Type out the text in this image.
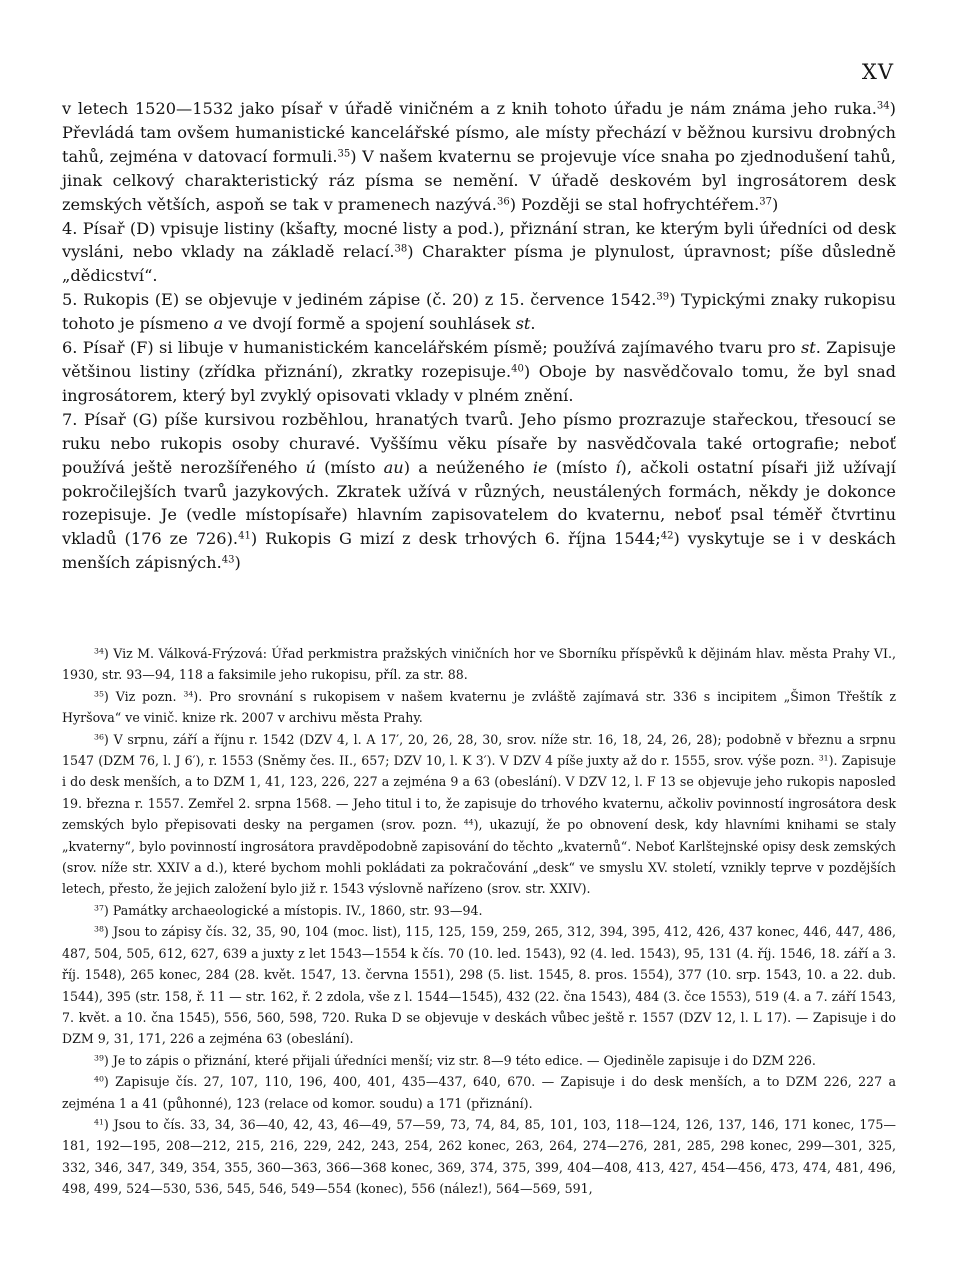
XV

v letech 1520—1532 jako písař v úřadě viničném a z knih tohoto úřadu je nám známa jeho ruka.$^{34}$) Převládá tam ovšem humanistické kancelářské písmo, ale místy přechází v běžnou kursivu drobných tahů, zejména v datovací formuli.$^{35}$) V našem kvaternu se projevuje více snaha po zjednodušení tahů, jinak celkový charakteristický ráz písma se nemění. V úřadě deskovém byl ingrosátorem desk zemských větších, aspoň se tak v pramenech nazývá.$^{36}$) Později se stal hofrychtéřem.$^{37}$)

4. Písař (D) vpisuje listiny (kšafty, mocné listy a pod.), přiznání stran, ke kterým byli úředníci od desk vysláni, nebo vklady na základě relací.$^{38}$) Charakter písma je plynulost, úpravnost; píše důsledně „dědicství“.

5. Rukopis (E) se objevuje v jediném zápise (č. 20) z 15. července 1542.39) Typickými znaky rukopisu tohoto je písmeno a ve dvojí formě a spojení souhlásek st.

6. Písař (F) si libuje v humanistickém kancelářském písmě; používá zajímavého tvaru pro st. Zapisuje většinou listiny (zřídka přiznání), zkratky rozepisuje.$^{40}$) Oboje by nasvědčovalo tomu, že byl snad ingrosátorem, který byl zvyklý opisovati vklady v plném znění.

7. Písař (G) píše kursivou rozběhlou, hranatých tvarů. Jeho písmo prozrazuje stařeckou, třesoucí se ruku nebo rukopis osoby churavé. Vyššímu věku písaře by nasvědčovala také ortografie; neboť používá ještě nerozšířeného ú (místo au) a neúženého ie (místo í), ačkoli ostatní písaři již užívají pokročilejších tvarů jazykových. Zkratek užívá v různých, neustálených formách, někdy je dokonce rozepisuje. Je (vedle místopísaře) hlavním zapisovatelem do kvaternu, neboť psal téměř čtvrtinu vkladů (176 ze 726).$^{41}$) Rukopis G mizí z desk trhových 6. října 1544;$^{42}$) vyskytuje se i v deskách menších zápisných.$^{43}$)

$^{34}$) Viz M. Válková-Frýzová: Úřad perkmistra pražských viničních hor ve Sborníku příspěvků k dějinám hlav. města Prahy VI., 1930, str. 93—94, 118 a faksimile jeho rukopisu, příl. za str. 88.

$^{35}$) Viz pozn. $^{34}$). Pro srovnání s rukopisem v našem kvaternu je zvláště zajímavá str. 336 s incipitem „Šimon Třeštík z Hyršova“ ve vinič. knize rk. 2007 v archivu města Prahy.

$^{36}$) V srpnu, září a říjnu r. 1542 (DZV 4, l. A 17′, 20, 26, 28, 30, srov. níže str. 16, 18, 24, 26, 28); podobně v březnu a srpnu 1547 (DZM 76, l. J 6′), r. 1553 (Sněmy čes. II., 657; DZV 10, l. K 3′). V DZV 4 píše juxty až do r. 1555, srov. výše pozn. $^{31}$). Zapisuje i do desk menších, a to DZM 1, 41, 123, 226, 227 a zejména 9 a 63 (obeslání). V DZV 12, l. F 13 se objevuje jeho rukopis naposled 19. března r. 1557. Zemřel 2. srpna 1568. — Jeho titul i to, že zapisuje do trhového kvaternu, ačkoliv povinností ingrosátora desk zemských bylo přepisovati desky na pergamen (srov. pozn. $^{44}$), ukazují, že po obnovení desk, kdy hlavními knihami se staly „kvaterny“, bylo povinností ingrosátora pravděpodobně zapisování do těchto „kvaternů“. Neboť Karlštejnské opisy desk zemských (srov. níže str. XXIV a d.), které bychom mohli pokládati za pokračování „desk“ ve smyslu XV. století, vznikly teprve v pozdějších letech, přesto, že jejich založení bylo již r. 1543 výslovně nařízeno (srov. str. XXIV).

$^{37}$) Památky archaeologické a místopis. IV., 1860, str. 93—94.

$^{38}$) Jsou to zápisy čís. 32, 35, 90, 104 (moc. list), 115, 125, 159, 259, 265, 312, 394, 395, 412, 426, 437 konec, 446, 447, 486, 487, 504, 505, 612, 627, 639 a juxty z let 1543—1554 k čís. 70 (10. led. 1543), 92 (4. led. 1543), 95, 131 (4. říj. 1546, 18. září a 3. říj. 1548), 265 konec, 284 (28. květ. 1547, 13. června 1551), 298 (5. list. 1545, 8. pros. 1554), 377 (10. srp. 1543, 10. a 22. dub. 1544), 395 (str. 158, ř. 11 — str. 162, ř. 2 zdola, vše z l. 1544—1545), 432 (22. čna 1543), 484 (3. čce 1553), 519 (4. a 7. září 1543, 7. květ. a 10. čna 1545), 556, 560, 598, 720. Ruka D se objevuje v deskách vůbec ještě r. 1557 (DZV 12, l. L 17). — Zapisuje i do DZM 9, 31, 171, 226 a zejména 63 (obeslání).

$^{39}$) Je to zápis o přiznání, které přijali úředníci menší; viz str. 8—9 této edice. — Ojediněle zapisuje i do DZM 226.

$^{40}$) Zapisuje čís. 27, 107, 110, 196, 400, 401, 435—437, 640, 670. — Zapisuje i do desk menších, a to DZM 226, 227 a zejména 1 a 41 (půhonné), 123 (relace od komor. soudu) a 171 (přiznání).

$^{41}$) Jsou to čís. 33, 34, 36—40, 42, 43, 46—49, 57—59, 73, 74, 84, 85, 101, 103, 118—124, 126, 137, 146, 171 konec, 175—181, 192—195, 208—212, 215, 216, 229, 242, 243, 254, 262 konec, 263, 264, 274—276, 281, 285, 298 konec, 299—301, 325, 332, 346, 347, 349, 354, 355, 360—363, 366—368 konec, 369, 374, 375, 399, 404—408, 413, 427, 454—456, 473, 474, 481, 496, 498, 499, 524—530, 536, 545, 546, 549—554 (konec), 556 (nález!), 564—569, 591,
